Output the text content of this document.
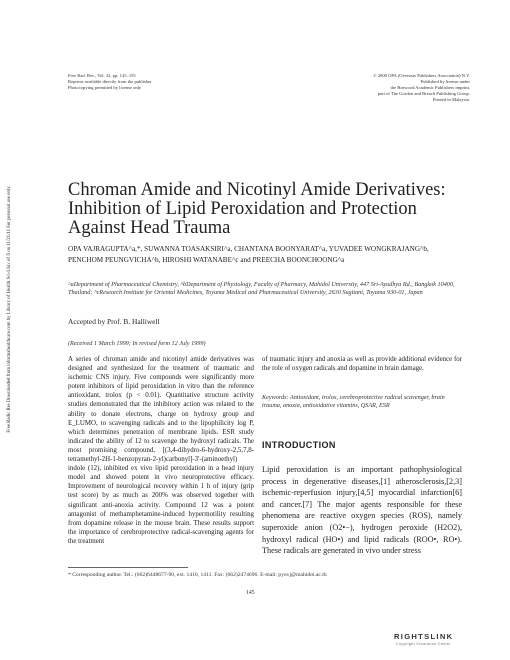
Free Rad. Res., Vol. 32, pp. 145–155
Reprints available directly from the publisher
Photocopying permitted by license only
© 2000 OPA (Overseas Publishers Association) N.V.
Published by license under
the Harwood Academic Publishers imprint,
part of The Gordon and Breach Publishing Group.
Printed in Malaysia.
Free Radic Res Downloaded from informahealthcare.com by Library of Health Sci-Univ of Il on 11/21/11 For personal use only.	Chroman Amide and Nicotinyl Amide Derivatives: Inhibition of Lipid Peroxidation and Protection Against Head Trauma
OPA VAJRAGUPTA^a,*, SUWANNA TOASAKSIRI^a, CHANTANA BOONYARAT^a, YUVADEE WONGKRAJANG^b, PENCHOM PEUNGVICHA^b, HIROSHI WATANABE^c and PREECHA BOONCHOONG^a
^aDepartment of Pharmaceutical Chemistry, ^bDepartment of Physiology, Faculty of Pharmacy, Mahidol University, 447 Sri-Ayudhya Rd., Bangkok 10400, Thailand; ^cResearch Institute for Oriental Medicines, Toyama Medical and Pharmaceutical University, 2630 Sugitani, Toyama 930-01, Japan
Accepted by Prof. B. Halliwell
(Received 1 March 1999; In revised form 12 July 1999)
A series of chroman amide and nicotinyl amide derivatives was designed and synthesized for the treatment of traumatic and ischemic CNS injury. Five compounds were significantly more potent inhibitors of lipid peroxidation in vitro than the reference antioxidant, trolox (p < 0.01). Quantitative structure activity studies demonstrated that the inhibitory action was related to the ability to donate electrons, charge on hydroxy group and E_LUMO, to scavenging radicals and to the lipophilicity log P, which determines penetration of membrane lipids. ESR study indicated the ability of 12 to scavenge the hydroxyl radicals. The most promising compound, [(3,4-dihydro-6-hydroxy-2,5,7,8-tetramethyl-2H-1-benzopyran-2-yl)carbonyl]-3'-(aminoethyl) indole (12), inhibited ex vivo lipid peroxidation in a head injury model and showed potent in vivo neuroprotective efficacy. Improvement of neurological recovery within 1 h of injury (grip test score) by as much as 200% was observed together with significant anti-anoxia activity. Compound 12 was a potent antagonist of methamphetamine-induced hypermotility resulting from dopamine release in the mouse brain. These results support the importance of cerebroprotective radical-scavenging agents for the treatment
of traumatic injury and anoxia as well as provide additional evidence for the role of oxygen radicals and dopamine in brain damage.
Keywords: Antioxidant, trolox, cerebroprotective radical scavenger, brain trauma, anoxia, antioxidative vitamins, QSAR, ESR
INTRODUCTION
Lipid peroxidation is an important pathophysiological process in degenerative diseases,[1] atherosclerosis,[2,3] ischemic-reperfusion injury,[4,5] myocardial infarction[6] and cancer.[7] The major agents responsible for these phenomena are reactive oxygen species (ROS), namely superoxide anion (O2•−), hydrogen peroxide (H2O2), hydroxyl radical (HO•) and lipid radicals (ROO•, RO•). These radicals are generated in vivo under stress
* Corresponding author. Tel.: (662)6448677-90, ext. 1410, 1411. Fax: (662)2474696. E-mail: pyovj@mahidol.ac.th
145
RIGHTSLINK
Copyright Clearance Center
